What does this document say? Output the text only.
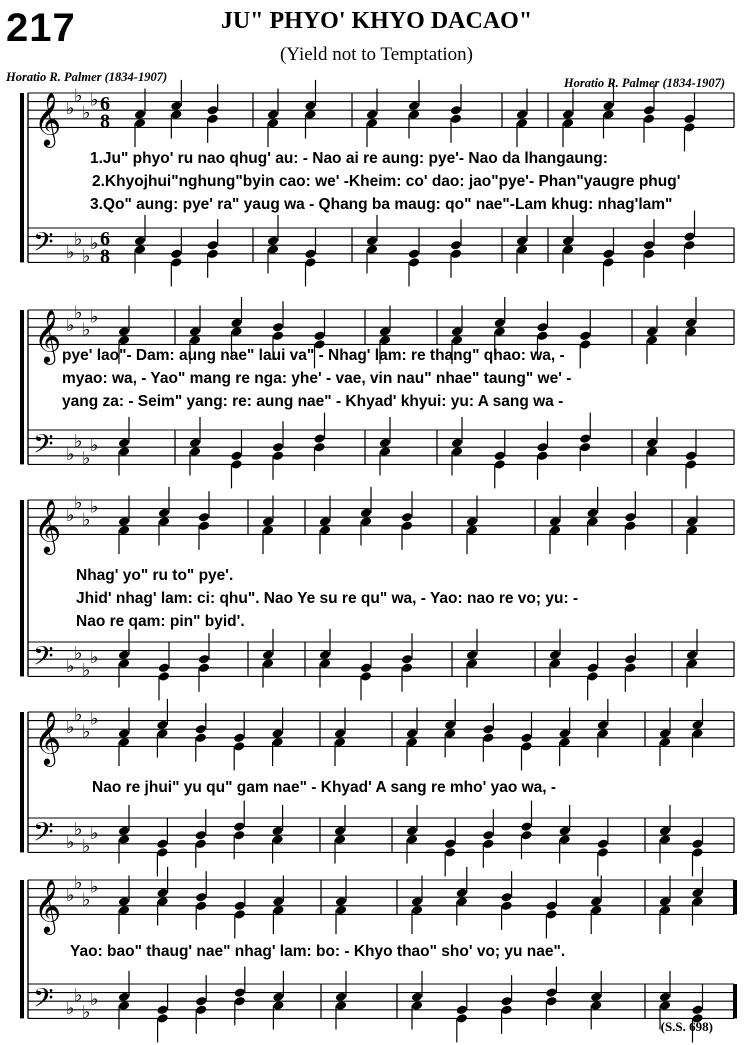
217	JU" PHYO' KHYO DACAO"
(Yield not to Temptation)
Horatio R. Palmer (1834-1907)	Horatio R. Palmer (1834-1907)
𝄞
𝄢
♭
♭
♭
♭
♭
♭
♭
♭
6
8
6
8
𝄞
𝄢
♭
♭
♭
♭
♭
♭
♭
♭
𝄞
𝄢
♭
♭
♭
♭
♭
♭
♭
♭
𝄞
𝄢
♭
♭
♭
♭
♭
♭
♭
♭
𝄞
𝄢
♭
♭
♭
♭
♭
♭
♭
♭
1.Ju" phyo' ru nao qhug' au: - Nao ai re aung: pye'- Nao da lhangaung:
2.Khyojhui"nghung"byin cao: we' -Kheim: co' dao: jao"pye'- Phan"yaugre phug'
3.Qo" aung: pye' ra" yaug wa - Qhang ba maug: qo" nae"-Lam khug: nhag'lam"
pye' lao"- Dam: aung nae" laui va" - Nhag' lam: re thang" qhao: wa, -
myao: wa, - Yao" mang re nga: yhe' - vae, vin nau" nhae" taung" we' -
yang za: - Seim" yang: re: aung nae" - Khyad' khyui: yu: A sang wa -
Nhag' yo" ru to" pye'.
Jhid' nhag' lam: ci: qhu". Nao Ye su re qu" wa, - Yao: nao re vo; yu: -
Nao re qam: pin" byid'.
Nao re jhui" yu qu" gam nae" - Khyad' A sang re mho' yao wa, -
Yao: bao" thaug' nae" nhag' lam: bo: - Khyo thao" sho' vo; yu nae".
(S.S. 698)
